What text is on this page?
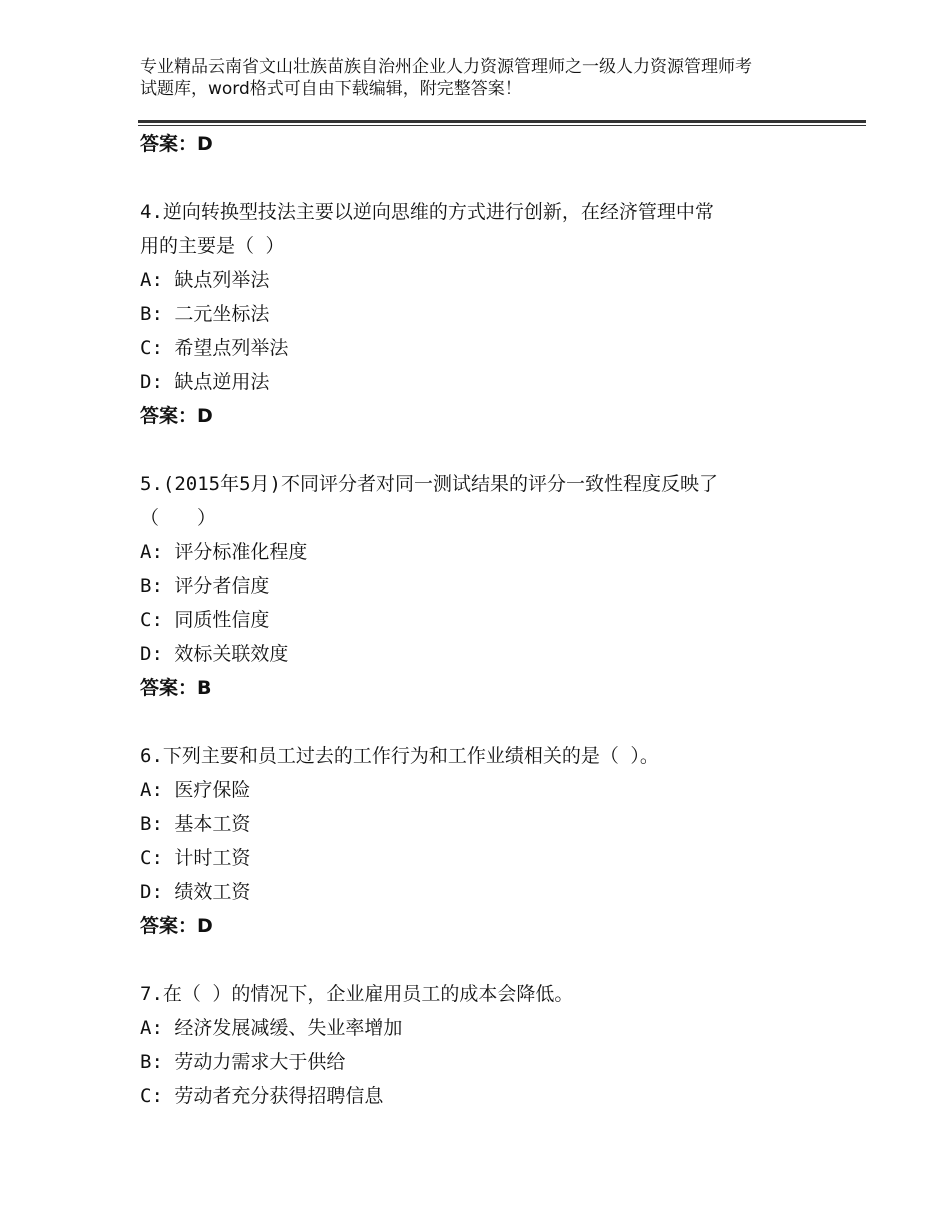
专业精品云南省文山壮族苗族自治州企业人力资源管理师之一级人力资源管理师考
试题库，word格式可自由下载编辑，附完整答案！
答案：D
4.逆向转换型技法主要以逆向思维的方式进行创新，在经济管理中常
用的主要是（ ）
A: 缺点列举法
B: 二元坐标法
C: 希望点列举法
D: 缺点逆用法
答案：D
5.(2015年5月)不同评分者对同一测试结果的评分一致性程度反映了
（　　）
A: 评分标准化程度
B: 评分者信度
C: 同质性信度
D: 效标关联效度
答案：B
6.下列主要和员工过去的工作行为和工作业绩相关的是（ ）。
A: 医疗保险
B: 基本工资
C: 计时工资
D: 绩效工资
答案：D
7.在（ ）的情况下，企业雇用员工的成本会降低。
A: 经济发展减缓、失业率增加
B: 劳动力需求大于供给
C: 劳动者充分获得招聘信息
